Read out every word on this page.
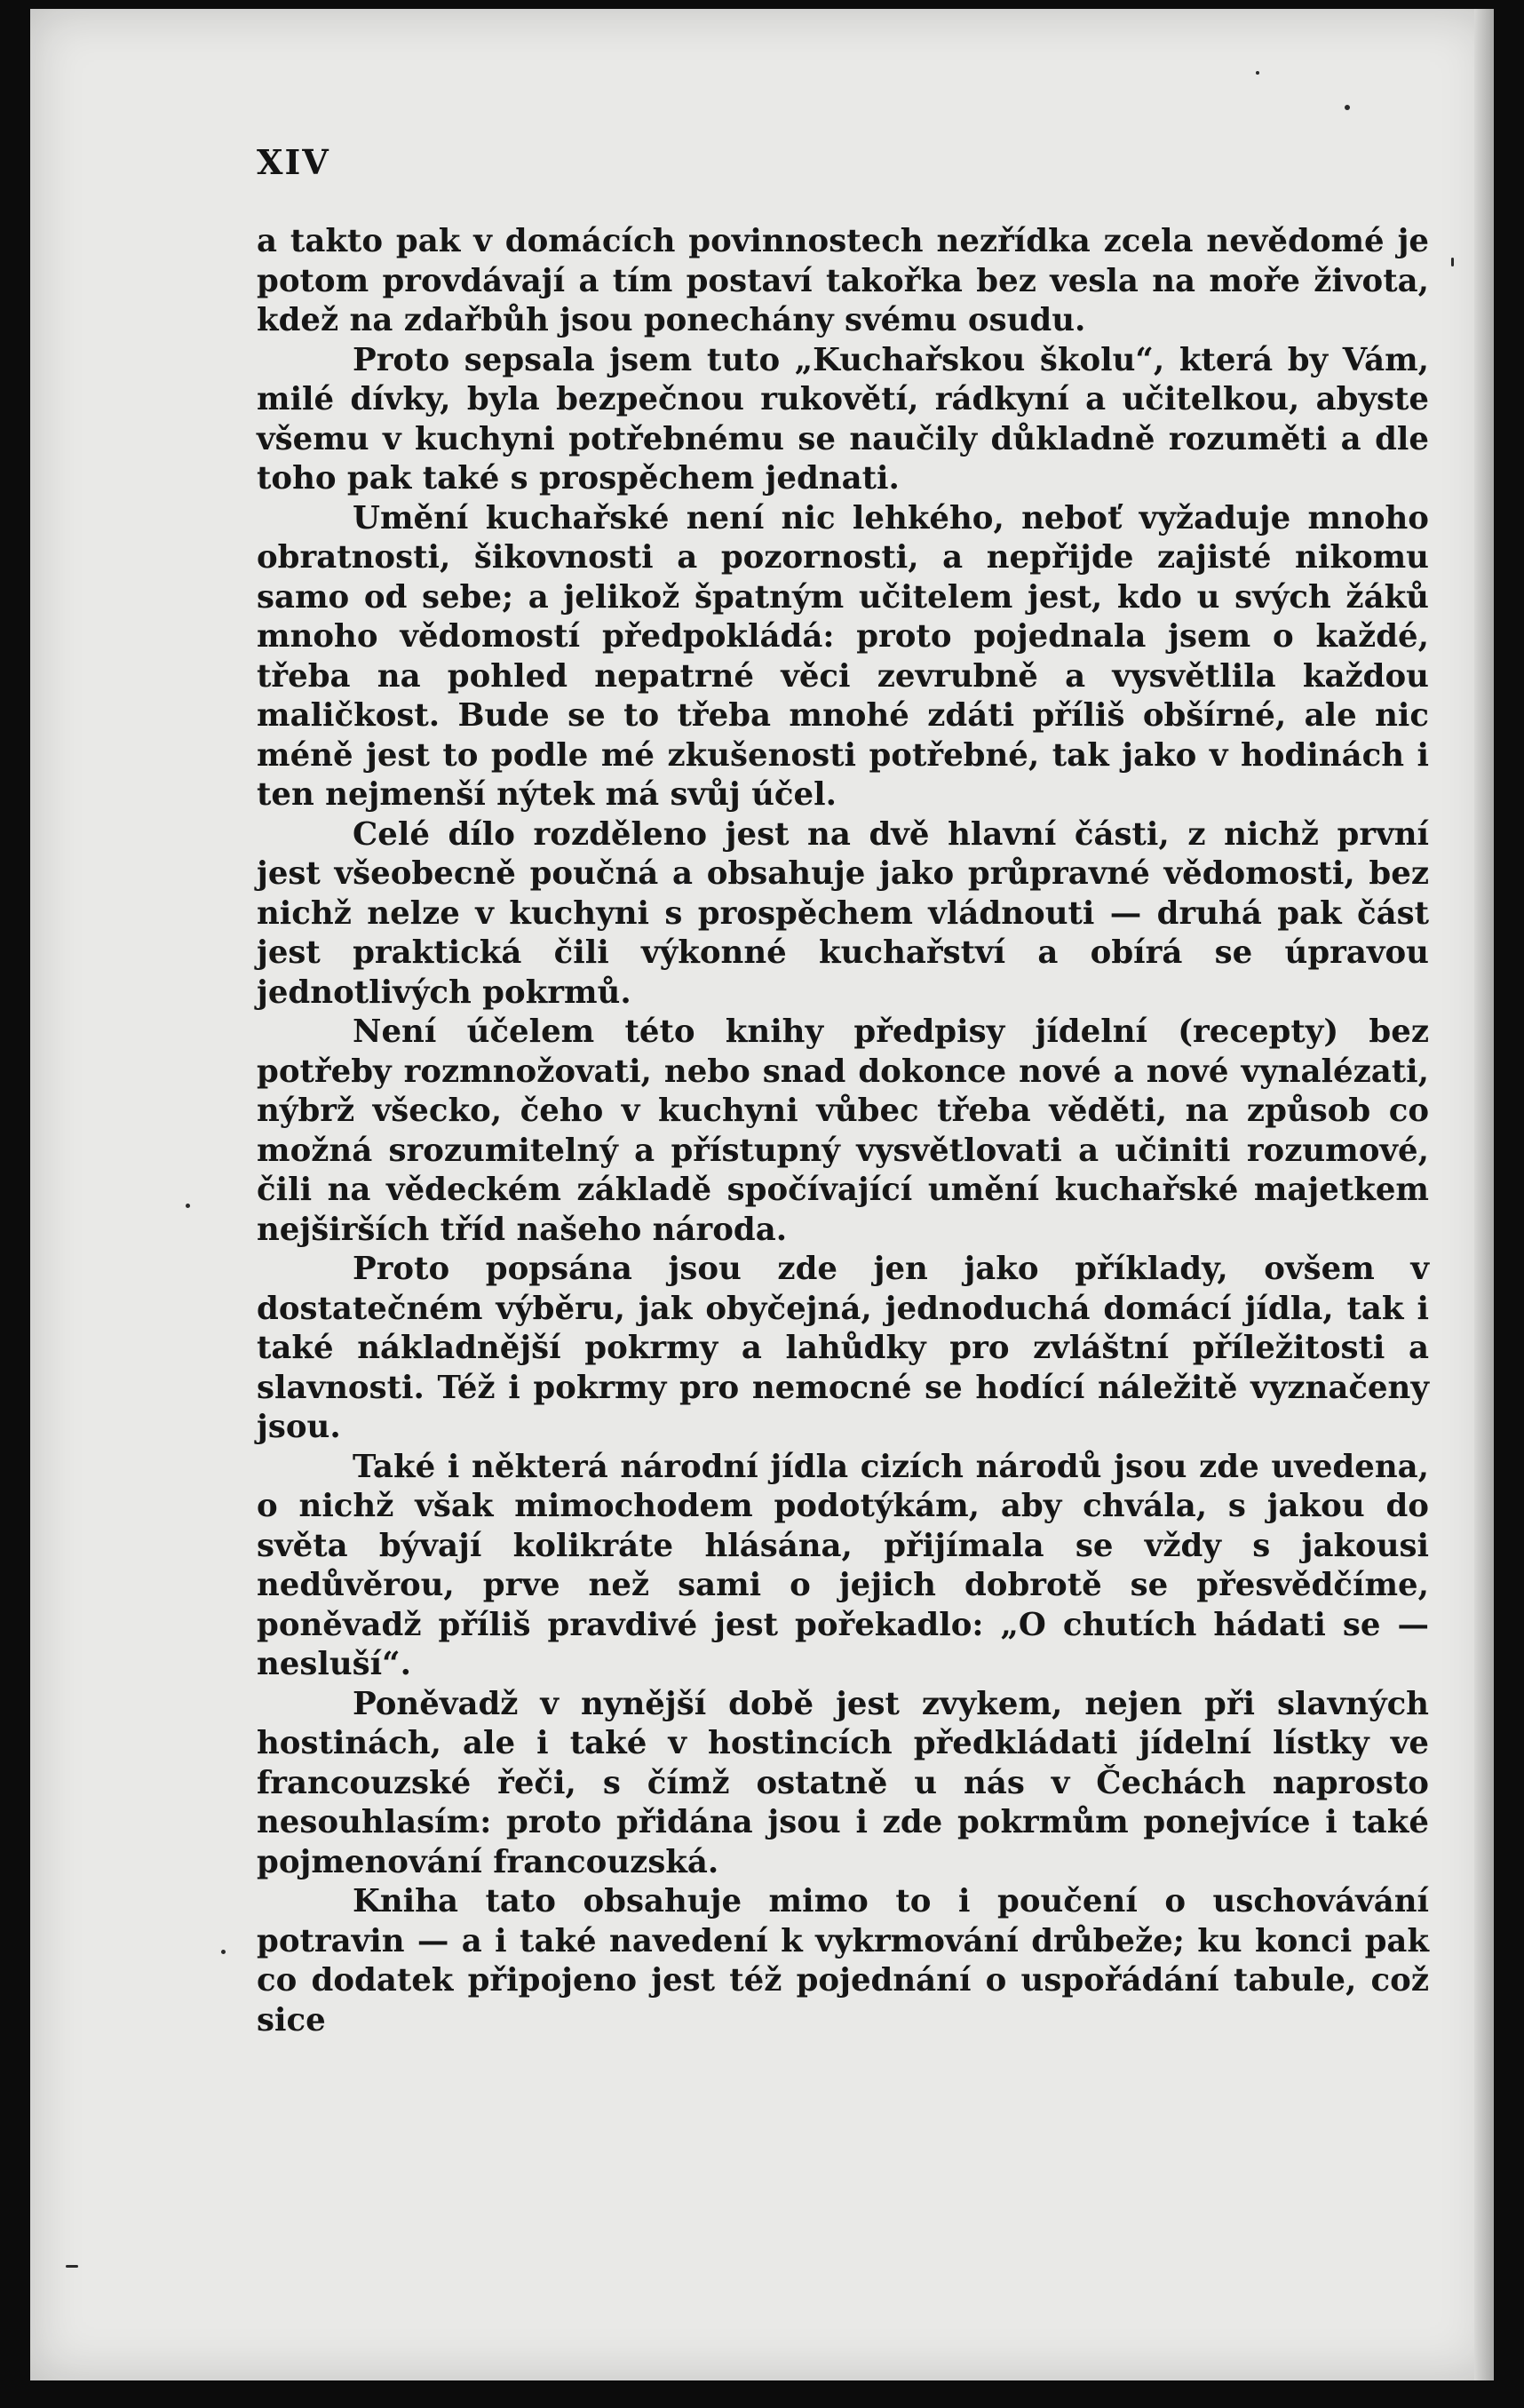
XIV

a takto pak v domácích povinnostech nezřídka zcela nevědomé je potom provdávají a tím postaví takořka bez vesla na moře života, kdež na zdařbůh jsou ponechány svému osudu.

Proto sepsala jsem tuto „Kuchařskou školu“, která by Vám, milé dívky, byla bezpečnou rukovětí, rádkyní a učitelkou, abyste všemu v kuchyni potřebnému se naučily důkladně rozuměti a dle toho pak také s prospěchem jednati.

Umění kuchařské není nic lehkého, neboť vyžaduje mnoho obratnosti, šikovnosti a pozornosti, a nepřijde zajisté nikomu samo od sebe; a jelikož špatným učitelem jest, kdo u svých žáků mnoho vědomostí předpokládá: proto pojednala jsem o každé, třeba na pohled nepatrné věci zevrubně a vysvětlila každou maličkost. Bude se to třeba mnohé zdáti příliš obšírné, ale nic méně jest to podle mé zkušenosti potřebné, tak jako v hodinách i ten nejmenší nýtek má svůj účel.

Celé dílo rozděleno jest na dvě hlavní části, z nichž první jest všeobecně poučná a obsahuje jako průpravné vědomosti, bez nichž nelze v kuchyni s prospěchem vládnouti — druhá pak část jest praktická čili výkonné kuchařství a obírá se úpravou jednotlivých pokrmů.

Není účelem této knihy předpisy jídelní (recepty) bez potřeby rozmnožovati, nebo snad dokonce nové a nové vynalézati, nýbrž všecko, čeho v kuchyni vůbec třeba věděti, na způsob co možná srozumitelný a přístupný vysvětlovati a učiniti rozumové, čili na vědeckém základě spočívající umění kuchařské majetkem nejširších tříd našeho národa.

Proto popsána jsou zde jen jako příklady, ovšem v dostatečném výběru, jak obyčejná, jednoduchá domácí jídla, tak i také nákladnější pokrmy a lahůdky pro zvláštní příležitosti a slavnosti. Též i pokrmy pro nemocné se hodící náležitě vyznačeny jsou.

Také i některá národní jídla cizích národů jsou zde uvedena, o nichž však mimochodem podotýkám, aby chvála, s jakou do světa bývají kolikráte hlásána, přijímala se vždy s jakousi nedůvěrou, prve než sami o jejich dobrotě se přesvědčíme, poněvadž příliš pravdivé jest pořekadlo: „O chutích hádati se — nesluší“.

Poněvadž v nynější době jest zvykem, nejen při slavných hostinách, ale i také v hostincích předkládati jídelní lístky ve francouzské řeči, s čímž ostatně u nás v Čechách naprosto nesouhlasím: proto přidána jsou i zde pokrmům ponejvíce i také pojmenování francouzská.

Kniha tato obsahuje mimo to i poučení o uschovávání potravin — a i také navedení k vykrmování drůbeže; ku konci pak co dodatek připojeno jest též pojednání o uspořádání tabule, což sice
